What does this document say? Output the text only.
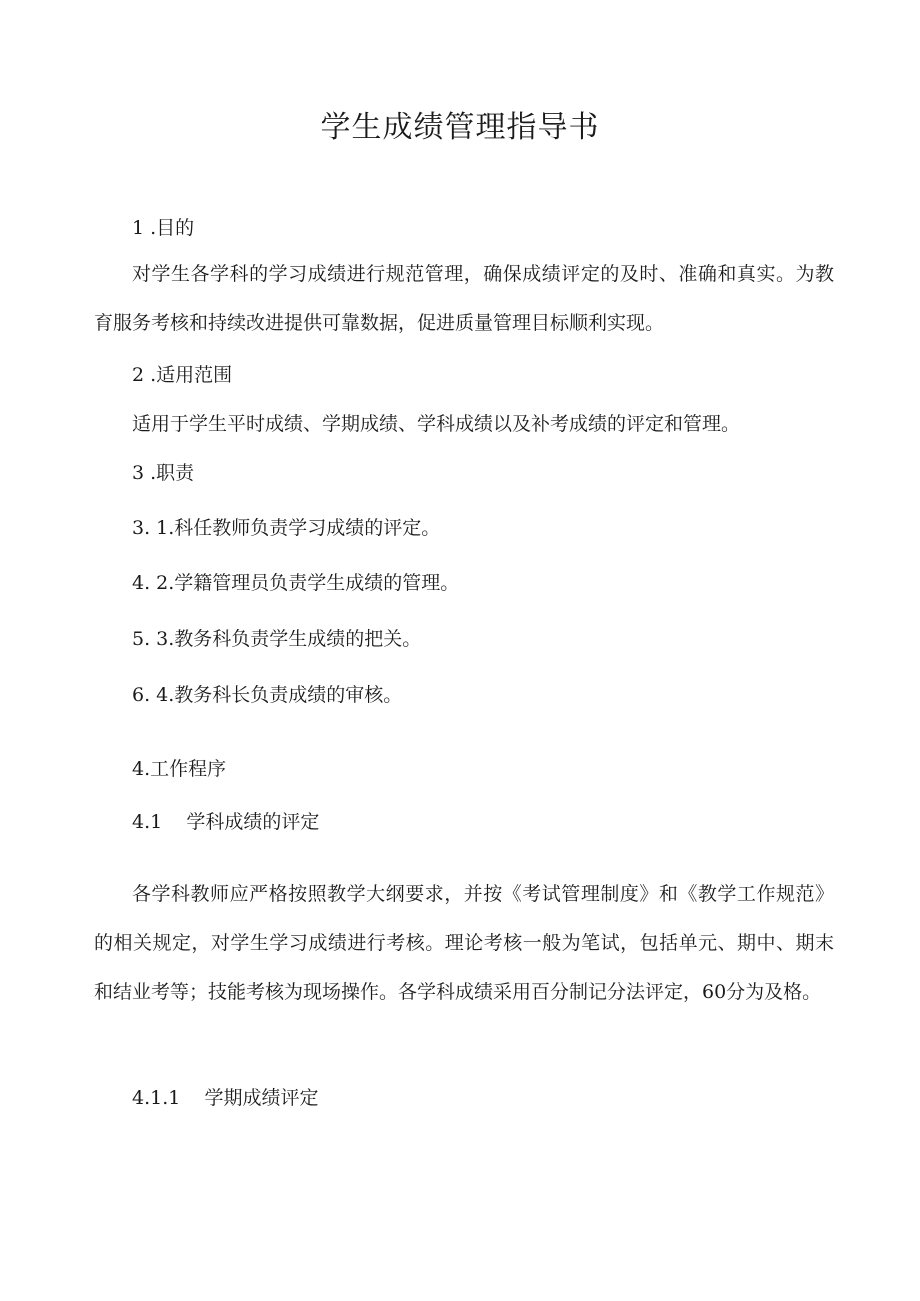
学生成绩管理指导书

1 .目的

对学生各学科的学习成绩进行规范管理，确保成绩评定的及时、准确和真实。为教育服务考核和持续改进提供可靠数据，促进质量管理目标顺利实现。

2 .适用范围

适用于学生平时成绩、学期成绩、学科成绩以及补考成绩的评定和管理。

3 .职责

3. 1.科任教师负责学习成绩的评定。

4. 2.学籍管理员负责学生成绩的管理。

5. 3.教务科负责学生成绩的把关。

6. 4.教务科长负责成绩的审核。

4.工作程序

4.1    学科成绩的评定

各学科教师应严格按照教学大纲要求，并按《考试管理制度》和《教学工作规范》的相关规定，对学生学习成绩进行考核。理论考核一般为笔试，包括单元、期中、期末和结业考等；技能考核为现场操作。各学科成绩采用百分制记分法评定，60分为及格。

4.1.1    学期成绩评定
